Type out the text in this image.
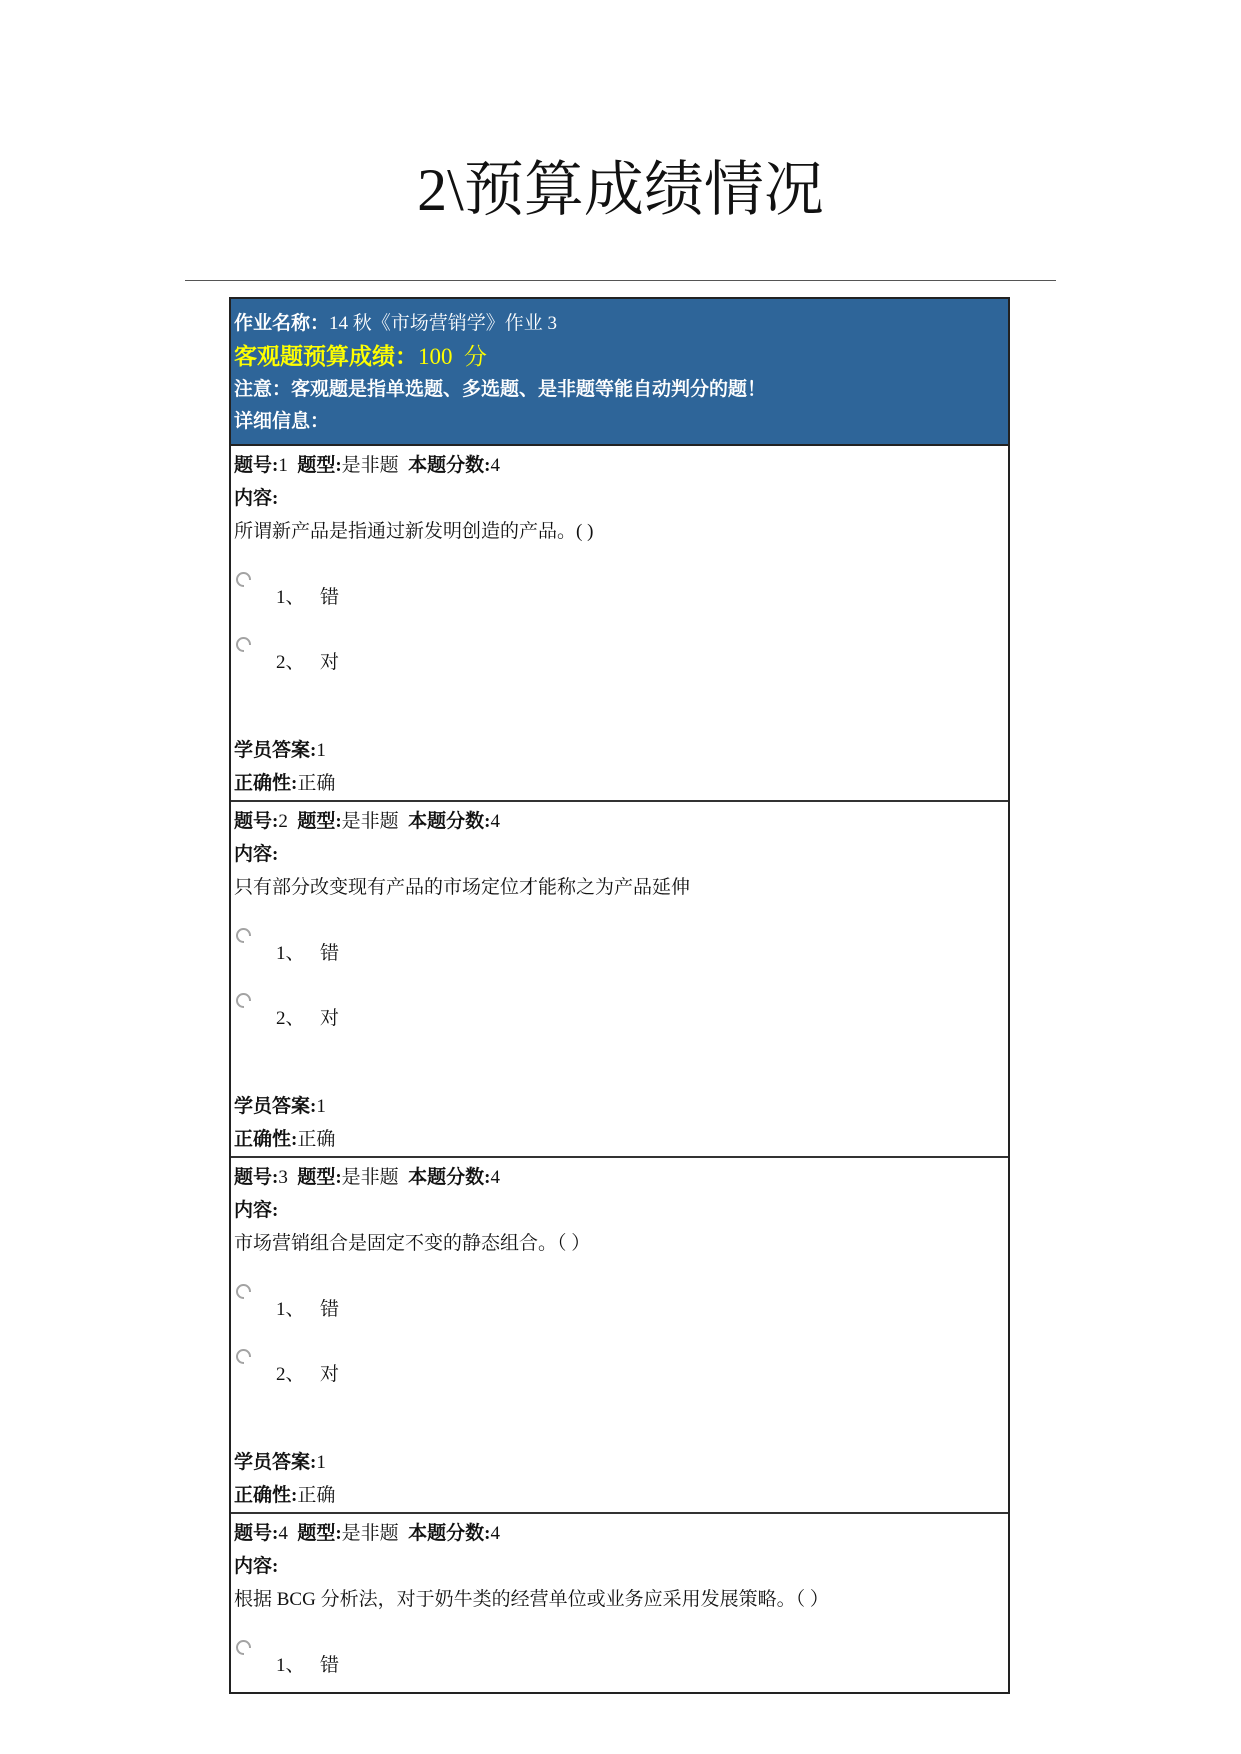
2\预算成绩情况
作业名称：14 秋《市场营销学》作业 3
客观题预算成绩：100  分
注意：客观题是指单选题、多选题、是非题等能自动判分的题！
详细信息：
题号:1 题型:是非题 本题分数:4
内容:
所谓新产品是指通过新发明创造的产品。( )
1、 错
2、 对
学员答案:1
正确性:正确
题号:2 题型:是非题 本题分数:4
内容:
只有部分改变现有产品的市场定位才能称之为产品延伸
1、 错
2、 对
学员答案:1
正确性:正确
题号:3 题型:是非题 本题分数:4
内容:
市场营销组合是固定不变的静态组合。（ ）
1、 错
2、 对
学员答案:1
正确性:正确
题号:4 题型:是非题 本题分数:4
内容:
根据 BCG 分析法，对于奶牛类的经营单位或业务应采用发展策略。（ ）
1、 错
